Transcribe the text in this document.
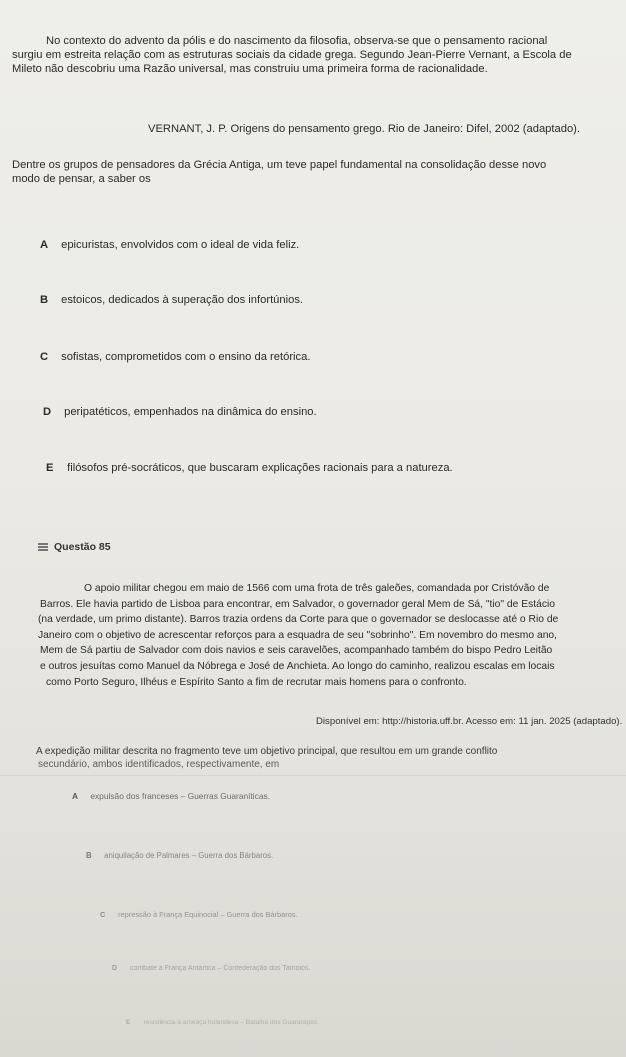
No contexto do advento da pólis e do nascimento da filosofia, observa-se que o pensamento racional
surgiu em estreita relação com as estruturas sociais da cidade grega. Segundo Jean-Pierre Vernant, a Escola de
Mileto não descobriu uma Razão universal, mas construiu uma primeira forma de racionalidade.
VERNANT, J. P. Origens do pensamento grego. Rio de Janeiro: Difel, 2002 (adaptado).
Dentre os grupos de pensadores da Grécia Antiga, um teve papel fundamental na consolidação desse novo
modo de pensar, a saber os
A epicuristas, envolvidos com o ideal de vida feliz.
B estoicos, dedicados à superação dos infortúnios.
C sofistas, comprometidos com o ensino da retórica.
D peripatéticos, empenhados na dinâmica do ensino.
E filósofos pré-socráticos, que buscaram explicações racionais para a natureza.
Questão 85
O apoio militar chegou em maio de 1566 com uma frota de três galeões, comandada por Cristóvão de
Barros. Ele havia partido de Lisboa para encontrar, em Salvador, o governador geral Mem de Sá, "tio" de Estácio
(na verdade, um primo distante). Barros trazia ordens da Corte para que o governador se deslocasse até o Rio de
Janeiro com o objetivo de acrescentar reforços para a esquadra de seu "sobrinho". Em novembro do mesmo ano,
Mem de Sá partiu de Salvador com dois navios e seis caravelões, acompanhado também do bispo Pedro Leitão
e outros jesuítas como Manuel da Nóbrega e José de Anchieta. Ao longo do caminho, realizou escalas em locais
como Porto Seguro, Ilhéus e Espírito Santo a fim de recrutar mais homens para o confronto.
Disponível em: http://historia.uff.br. Acesso em: 11 jan. 2025 (adaptado).
A expedição militar descrita no fragmento teve um objetivo principal, que resultou em um grande conflito
secundário, ambos identificados, respectivamente, em
A expulsão dos franceses – Guerras Guaraníticas.
B aniquilação de Palmares – Guerra dos Bárbaros.
C repressão à França Equinocial – Guerra dos Bárbaros.
D combate à França Antártica – Confederação dos Tamoios.
E resistência à ameaça holandesa – Batalha dos Guararapes.
